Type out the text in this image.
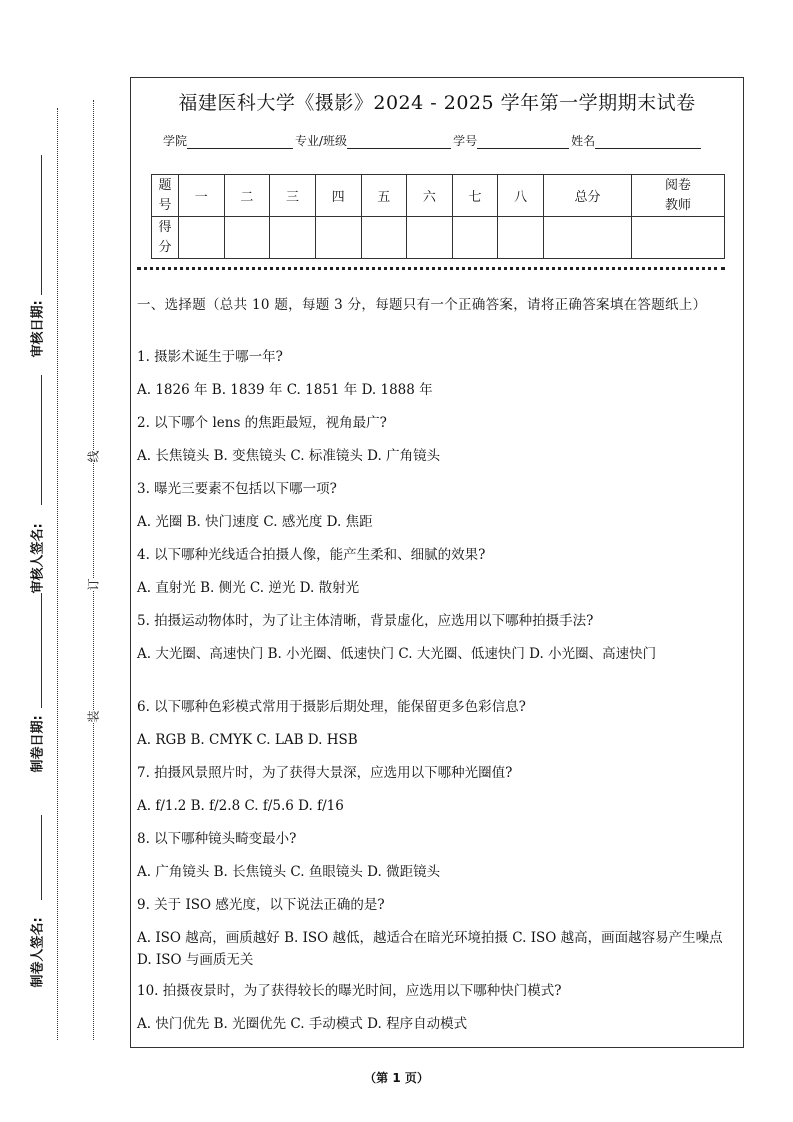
审核日期:
审核人签名:
制卷日期:
制卷人签名:
线
订
装
福建医科大学《摄影》2024 - 2025 学年第一学期期末试卷
学院	专业/班级	学号	姓名
题号	一	二	三	四	五	六	七	八	总分	阅卷教师
得分										
一、选择题（总共 10 题，每题 3 分，每题只有一个正确答案，请将正确答案填在答题纸上）
1. 摄影术诞生于哪一年?
A. 1826 年 B. 1839 年 C. 1851 年 D. 1888 年
2. 以下哪个 lens 的焦距最短，视角最广?
A. 长焦镜头 B. 变焦镜头 C. 标准镜头 D. 广角镜头
3. 曝光三要素不包括以下哪一项?
A. 光圈 B. 快门速度 C. 感光度 D. 焦距
4. 以下哪种光线适合拍摄人像，能产生柔和、细腻的效果?
A. 直射光 B. 侧光 C. 逆光 D. 散射光
5. 拍摄运动物体时，为了让主体清晰，背景虚化，应选用以下哪种拍摄手法?
A. 大光圈、高速快门 B. 小光圈、低速快门 C. 大光圈、低速快门 D. 小光圈、高速快门
6. 以下哪种色彩模式常用于摄影后期处理，能保留更多色彩信息?
A. RGB B. CMYK C. LAB D. HSB
7. 拍摄风景照片时，为了获得大景深，应选用以下哪种光圈值?
A. f/1.2 B. f/2.8 C. f/5.6 D. f/16
8. 以下哪种镜头畸变最小?
A. 广角镜头 B. 长焦镜头 C. 鱼眼镜头 D. 微距镜头
9. 关于 ISO 感光度，以下说法正确的是?
A. ISO 越高，画质越好 B. ISO 越低，越适合在暗光环境拍摄 C. ISO 越高，画面越容易产生噪点 D. ISO 与画质无关
10. 拍摄夜景时，为了获得较长的曝光时间，应选用以下哪种快门模式?
A. 快门优先 B. 光圈优先 C. 手动模式 D. 程序自动模式
（第 1 页）
